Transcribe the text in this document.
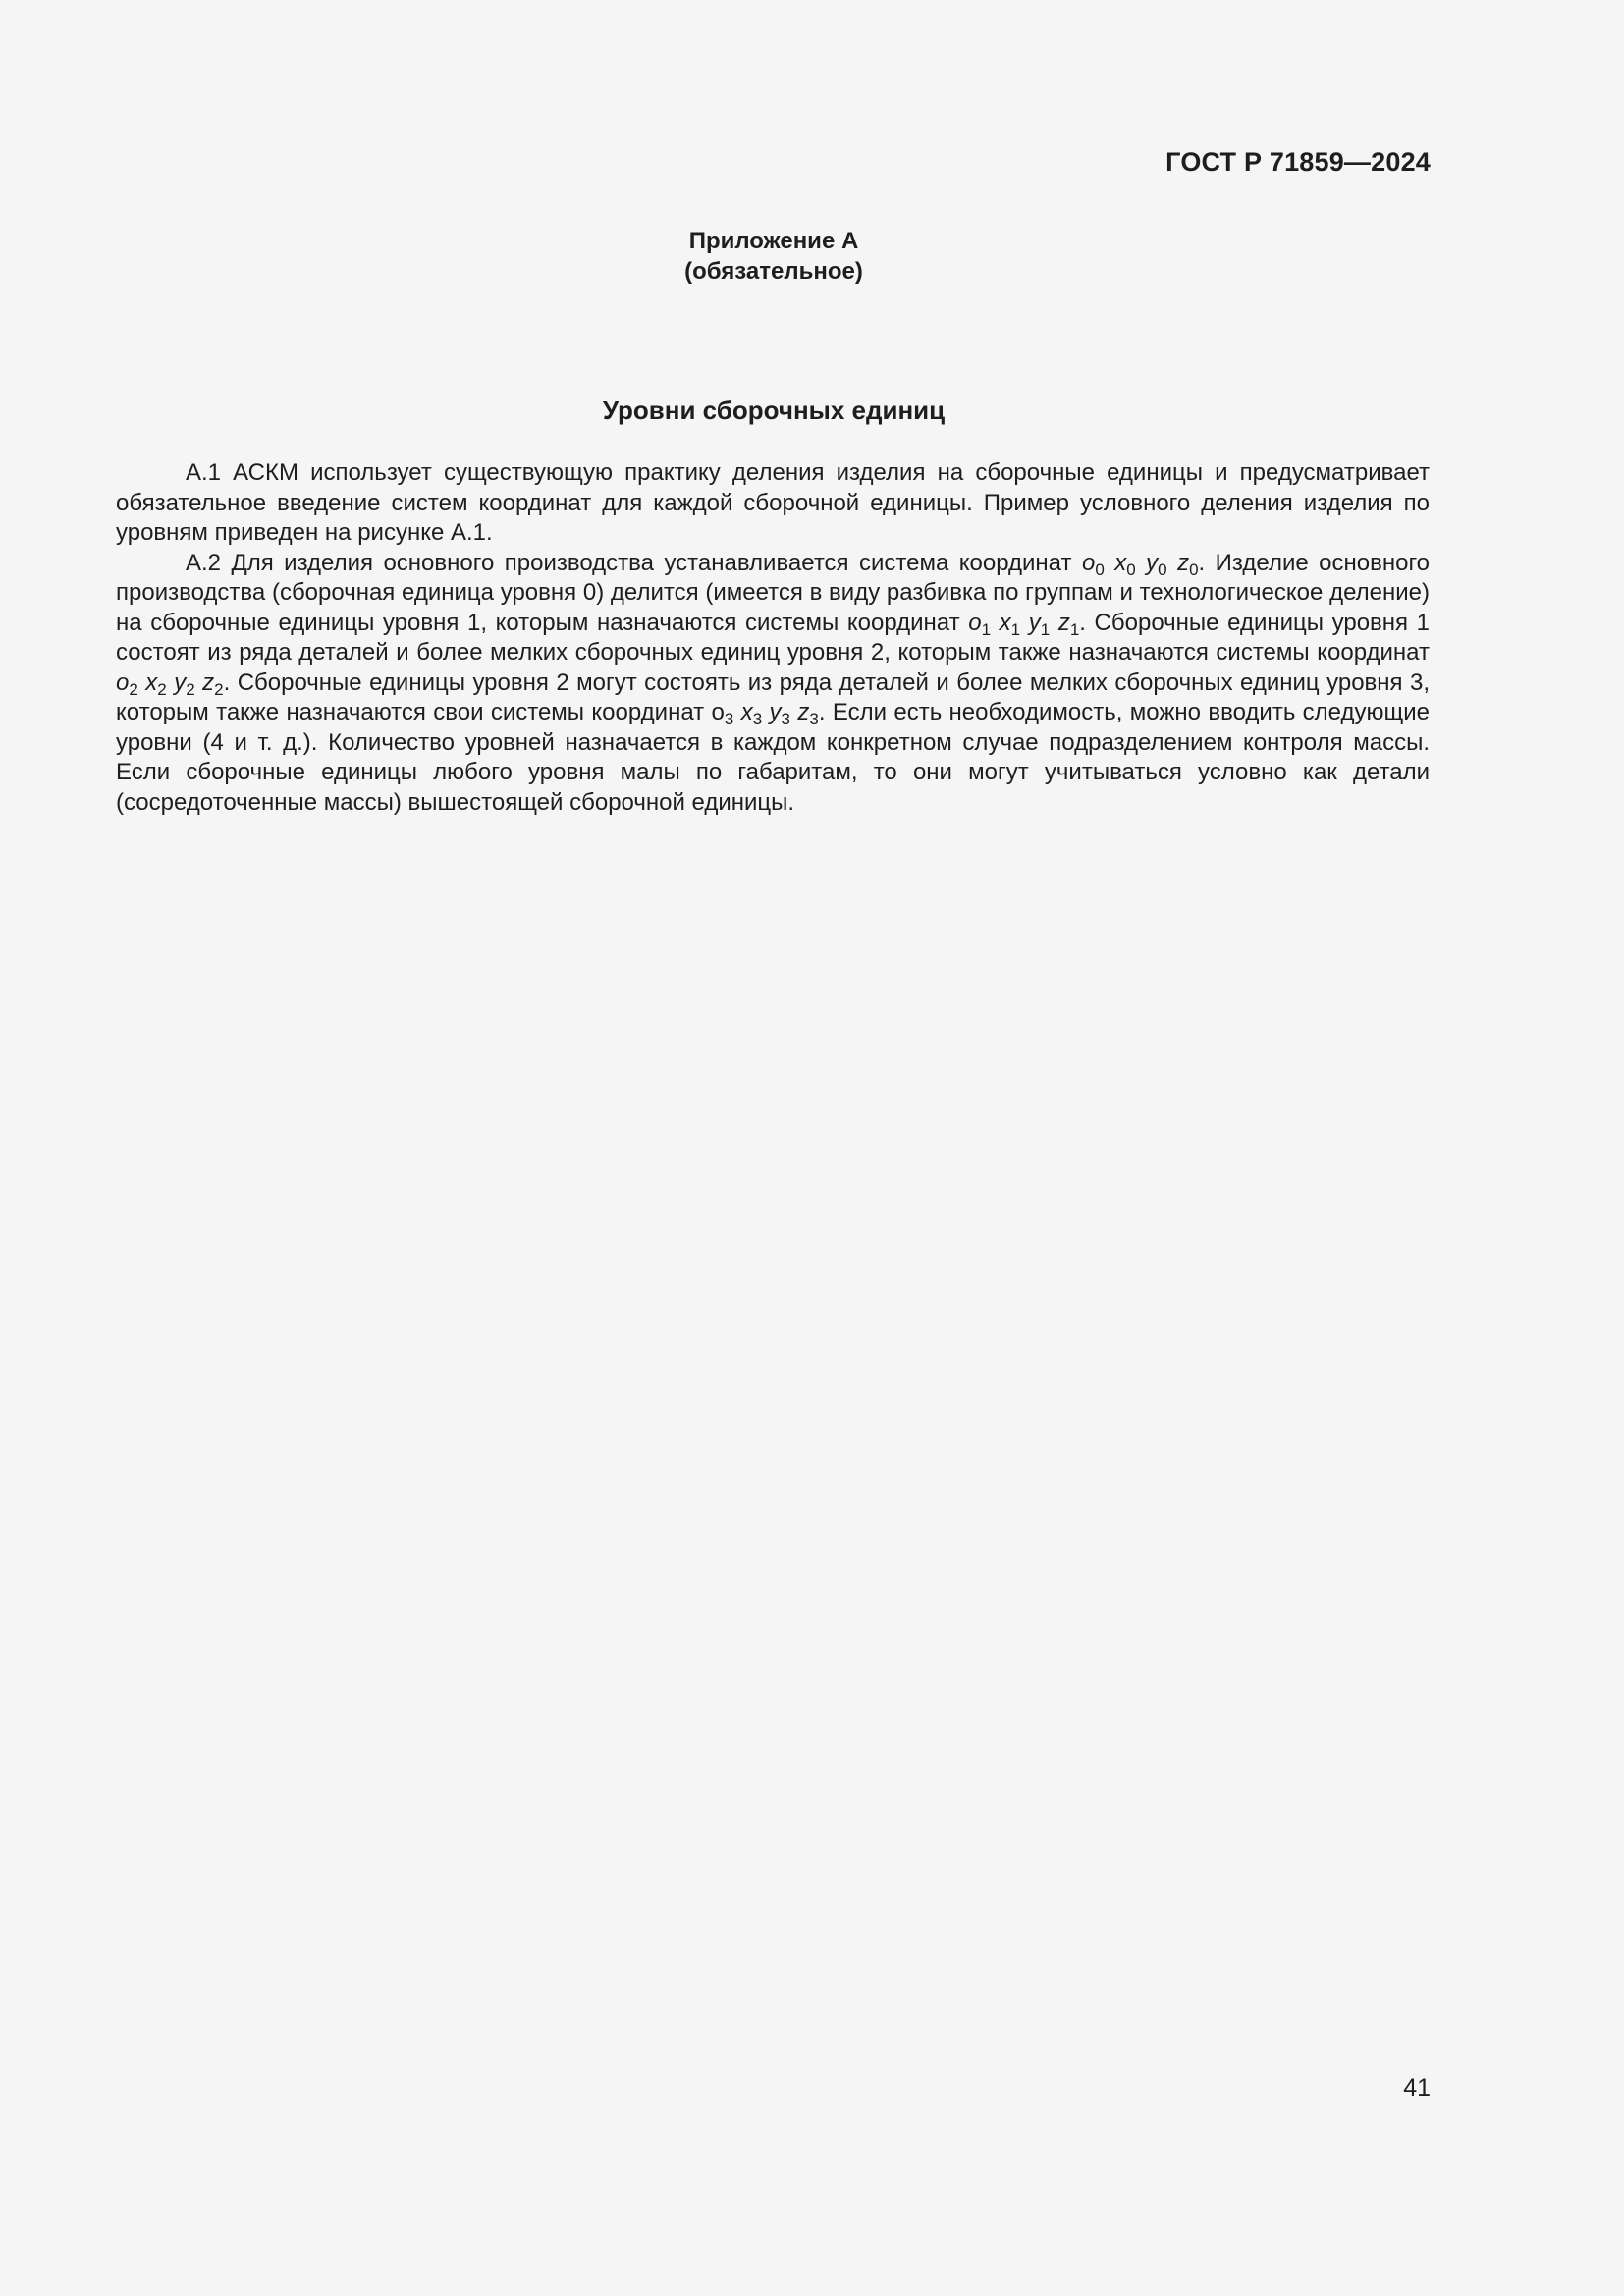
ГОСТ Р 71859—2024
Приложение А
(обязательное)
Уровни сборочных единиц

А.1 АСКМ использует существующую практику деления изделия на сборочные единицы и предусматривает обязательное введение систем координат для каждой сборочной единицы. Пример условного деления изделия по уровням приведен на рисунке А.1.

А.2 Для изделия основного производства устанавливается система координат $o_0$ $x_0$ $y_0$ $z_0$. Изделие основного производства (сборочная единица уровня 0) делится (имеется в виду разбивка по группам и технологическое деление) на сборочные единицы уровня 1, которым назначаются системы координат $o_1$ $x_1$ $y_1$ $z_1$. Сборочные единицы уровня 1 состоят из ряда деталей и более мелких сборочных единиц уровня 2, которым также назначаются системы координат $o_2$ $x_2$ $y_2$ $z_2$. Сборочные единицы уровня 2 могут состоять из ряда деталей и более мелких сборочных единиц уровня 3, которым также назначаются свои системы координат $о_3$ $x_3$ $y_3$ $z_3$. Если есть необходимость, можно вводить следующие уровни (4 и т. д.). Количество уровней назначается в каждом конкретном случае подразделением контроля массы. Если сборочные единицы любого уровня малы по габаритам, то они могут учитываться условно как детали (сосредоточенные массы) вышестоящей сборочной единицы.

41
